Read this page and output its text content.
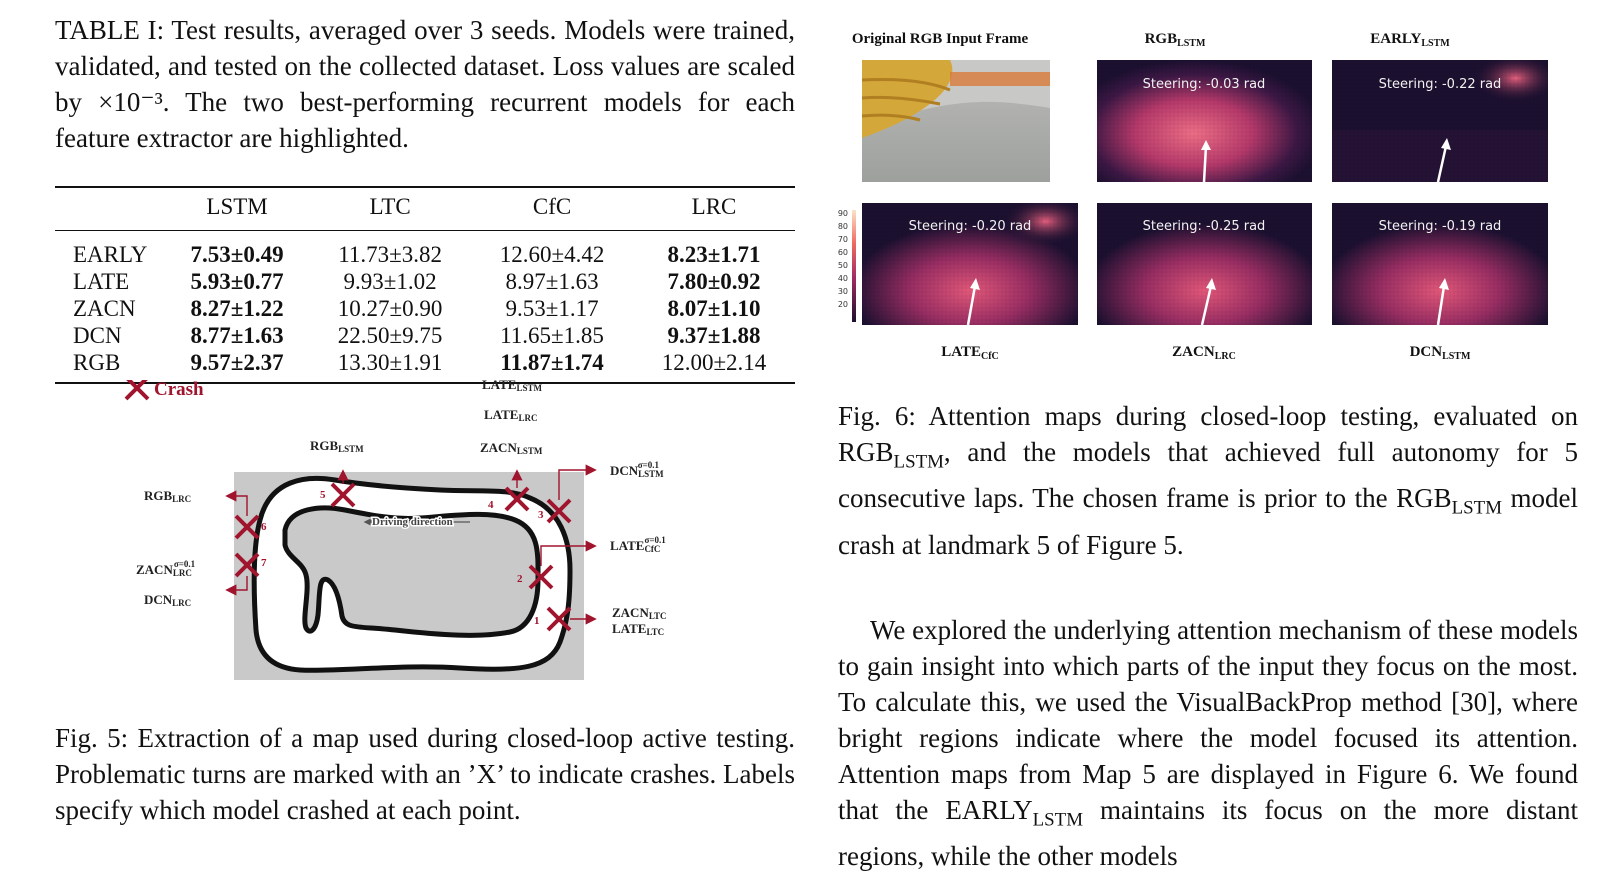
TABLE I: Test results, averaged over 3 seeds. Models were trained, validated, and tested on the collected dataset. Loss values are scaled by ×10⁻³. The two best-performing recurrent models for each feature extractor are highlighted.

	LSTM	LTC	CfC	LRC
EARLY	7.53±0.49	11.73±3.82	12.60±4.42	8.23±1.71
LATE	5.93±0.77	9.93±1.02	8.97±1.63	7.80±0.92
ZACN	8.27±1.22	10.27±0.90	9.53±1.17	8.07±1.10
DCN	8.77±1.63	22.50±9.75	11.65±1.85	9.37±1.88
RGB	9.57±2.37	13.30±1.91	11.87±1.74	12.00±2.14
Crash
Driving direction
1
2
3
4
5
6
7
LATELSTM
LATELRC
ZACNLSTM
RGBLSTM
RGBLRC
ZACNLRCσ=0.1
DCNLRC
DCNLSTMσ=0.1
LATECfCσ=0.1
ZACNLTC
LATELTC

Fig. 5: Extraction of a map used during closed-loop active testing. Problematic turns are marked with an ’X’ to indicate crashes. Labels specify which model crashed at each point.

Original RGB Input Frame	$RGB_{LSTM}$	$EARLY_{LSTM}$
Steering: -0.03 rad	Steering: -0.22 rad
90
80
70
60
50
40
30
20
Steering: -0.20 rad	Steering: -0.25 rad	Steering: -0.19 rad
$LATE_{CfC}$	$ZACN_{LRC}$	$DCN_{LSTM}$

Fig. 6: Attention maps during closed-loop testing, evaluated on $RGB_{LSTM}$, and the models that achieved full autonomy for 5 consecutive laps. The chosen frame is prior to the $RGB_{LSTM}$ model crash at landmark 5 of Figure 5.

We explored the underlying attention mechanism of these models to gain insight into which parts of the input they focus on the most. To calculate this, we used the VisualBackProp method [30], where bright regions indicate where the model focused its attention. Attention maps from Map 5 are displayed in Figure 6. We found that the $EARLY_{LSTM}$ maintains its focus on the more distant regions, while the other models
